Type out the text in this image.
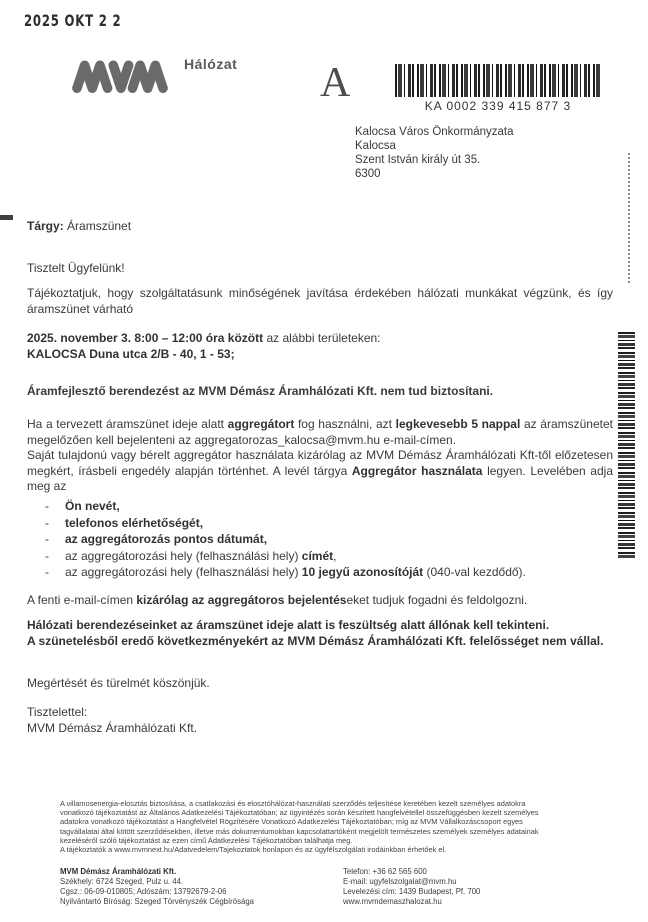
2025 OKT 2 2
Hálózat A	KA 0002 339 415 877 3
Kalocsa Város Önkormányzata
Kalocsa
Szent István király út 35.
6300
Tárgy: Áramszünet
Tisztelt Ügyfelünk!
Tájékoztatjuk, hogy szolgáltatásunk minőségének javítása érdekében hálózati munkákat végzünk, és így áramszünet várható
2025. november 3. 8:00 – 12:00 óra között az alábbi területeken:
KALOCSA Duna utca 2/B - 40, 1 - 53;
Áramfejlesztő berendezést az MVM Démász Áramhálózati Kft. nem tud biztosítani.
Ha a tervezett áramszünet ideje alatt aggregátort fog használni, azt legkevesebb 5 nappal az áramszünetet megelőzően kell bejelenteni az aggregatorozas_kalocsa@mvm.hu e-mail-címen.
Saját tulajdonú vagy bérelt aggregátor használata kizárólag az MVM Démász Áramhálózati Kft-től előzetesen megkért, írásbeli engedély alapján történhet. A levél tárgya Aggregátor használata legyen. Levelében adja meg az
-	Ön nevét,
-	telefonos elérhetőségét,
-	az aggregátorozás pontos dátumát,
-	az aggregátorozási hely (felhasználási hely) címét,
-	az aggregátorozási hely (felhasználási hely) 10 jegyű azonosítóját (040-val kezdődő).
A fenti e-mail-címen kizárólag az aggregátoros bejelentéseket tudjuk fogadni és feldolgozni.
Hálózati berendezéseinket az áramszünet ideje alatt is feszültség alatt állónak kell tekinteni.
A szünetelésből eredő következményekért az MVM Démász Áramhálózati Kft. felelősséget nem vállal.
Megértését és türelmét köszönjük.
Tisztelettel:
MVM Démász Áramhálózati Kft.
A villamosenergia-elosztás biztosítása, a csatlakozási és elosztóhálózat-használati szerződés teljesítése keretében kezelt személyes adatokra
vonatkozó tájékoztatást az Általános Adatkezelési Tájékoztatóban; az ügyintézés során készített hangfelvétellel összefüggésben kezelt személyes
adatokra vonatkozó tájékoztatást a Hangfelvétel Rögzítésére Vonatkozó Adatkezelési Tájékoztatóban; míg az MVM Vállalkozáscsoport egyes
tagvállalatai által kötött szerződésekben, illetve más dokumentumokban kapcsolattartóként megjelölt természetes személyek személyes adatainak
kezeléséről szóló tájékoztatást az ezen című Adatkezelési Tájékoztatóban találhatja meg.
A tájékoztatók a www.mvmnext.hu/Adatvedelem/Tajekoztatok honlapon és az ügyfélszolgálati irodáinkban érhetőek el.
MVM Démász Áramhálózati Kft.
Székhely: 6724 Szeged, Pulz u. 44.
Cgsz.: 06-09-010805; Adószám: 13792679-2-06
Nyilvántartó Bíróság: Szeged Törvényszék Cégbírósága
Telefon: +36 62 565 600
E-mail: ugyfelszolgalat@mvm.hu
Levelezési cím: 1439 Budapest, Pf. 700
www.mvmdemaszhalozat.hu
